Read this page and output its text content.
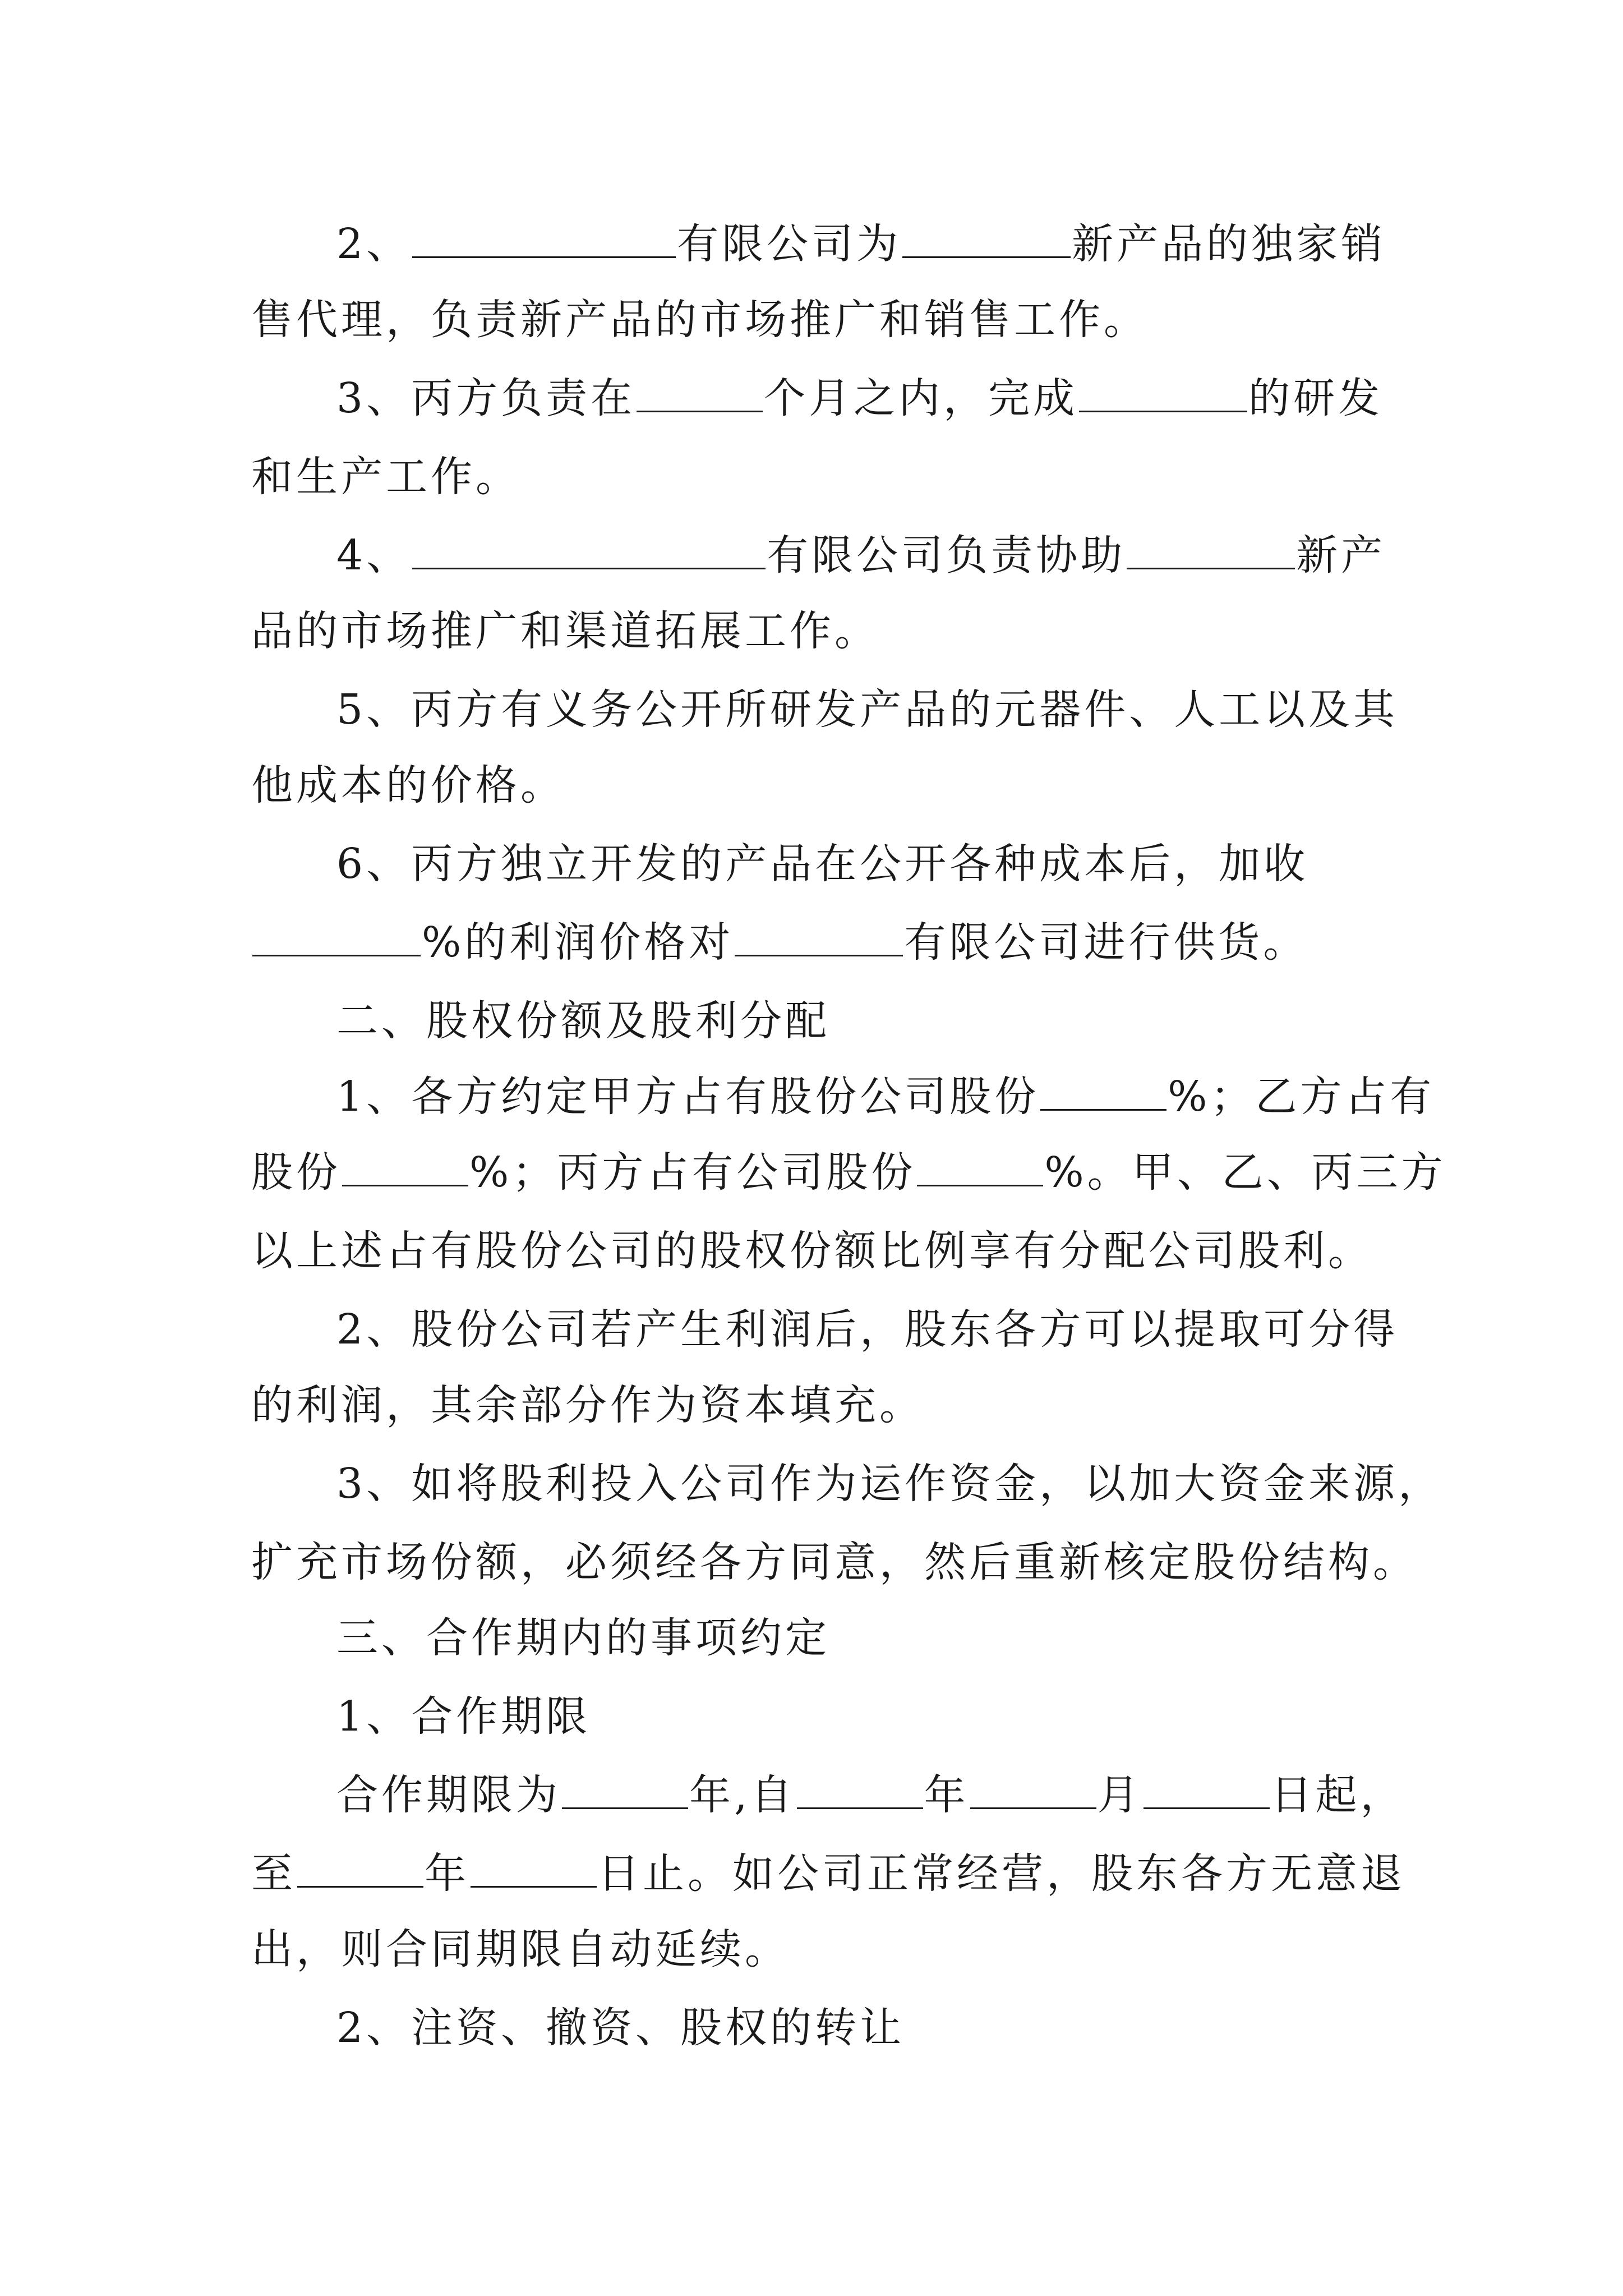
2、	有限公司为	新产品的独家销
售代理，负责新产品的市场推广和销售工作。
3、丙方负责在	个月之内，完成	的研发
和生产工作。
4、	有限公司负责协助	新产
品的市场推广和渠道拓展工作。
5、丙方有义务公开所研发产品的元器件、人工以及其
他成本的价格。
6、丙方独立开发的产品在公开各种成本后，加收
%的利润价格对	有限公司进行供货。
二、股权份额及股利分配
1、各方约定甲方占有股份公司股份	%；乙方占有
股份	%；丙方占有公司股份	%。甲、乙、丙三方
以上述占有股份公司的股权份额比例享有分配公司股利。
2、股份公司若产生利润后，股东各方可以提取可分得
的利润，其余部分作为资本填充。
3、如将股利投入公司作为运作资金，以加大资金来源，
扩充市场份额，必须经各方同意，然后重新核定股份结构。
三、合作期内的事项约定
1、合作期限
合作期限为	年,自	年	月	日起，
至	年	日止。如公司正常经营，股东各方无意退
出，则合同期限自动延续。
2、注资、撤资、股权的转让
